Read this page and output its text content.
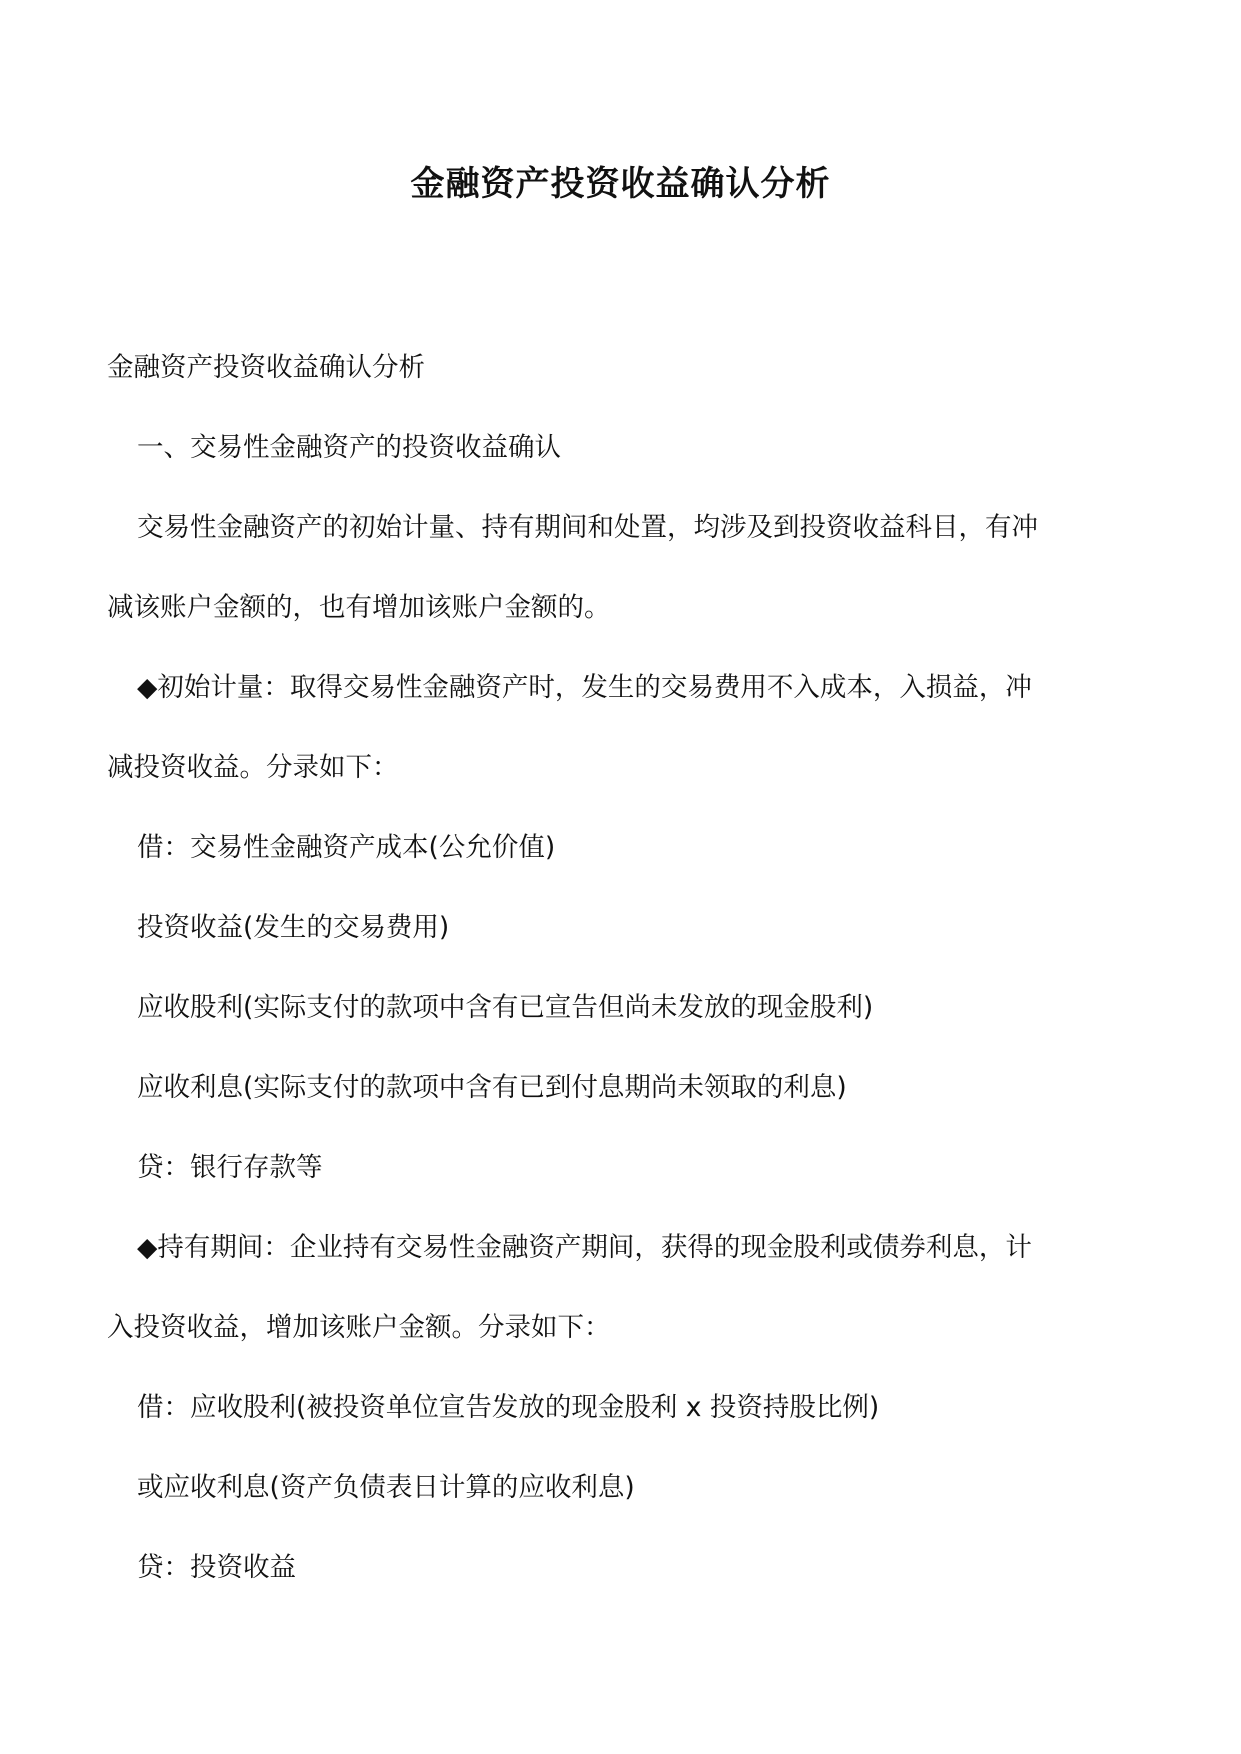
金融资产投资收益确认分析

金融资产投资收益确认分析

一、交易性金融资产的投资收益确认

交易性金融资产的初始计量、持有期间和处置，均涉及到投资收益科目，有冲

减该账户金额的，也有增加该账户金额的。

◆初始计量：取得交易性金融资产时，发生的交易费用不入成本，入损益，冲

减投资收益。分录如下：

借：交易性金融资产成本(公允价值)

投资收益(发生的交易费用)

应收股利(实际支付的款项中含有已宣告但尚未发放的现金股利)

应收利息(实际支付的款项中含有已到付息期尚未领取的利息)

贷：银行存款等

◆持有期间：企业持有交易性金融资产期间，获得的现金股利或债券利息，计

入投资收益，增加该账户金额。分录如下：

借：应收股利(被投资单位宣告发放的现金股利 x 投资持股比例)

或应收利息(资产负债表日计算的应收利息)

贷：投资收益
